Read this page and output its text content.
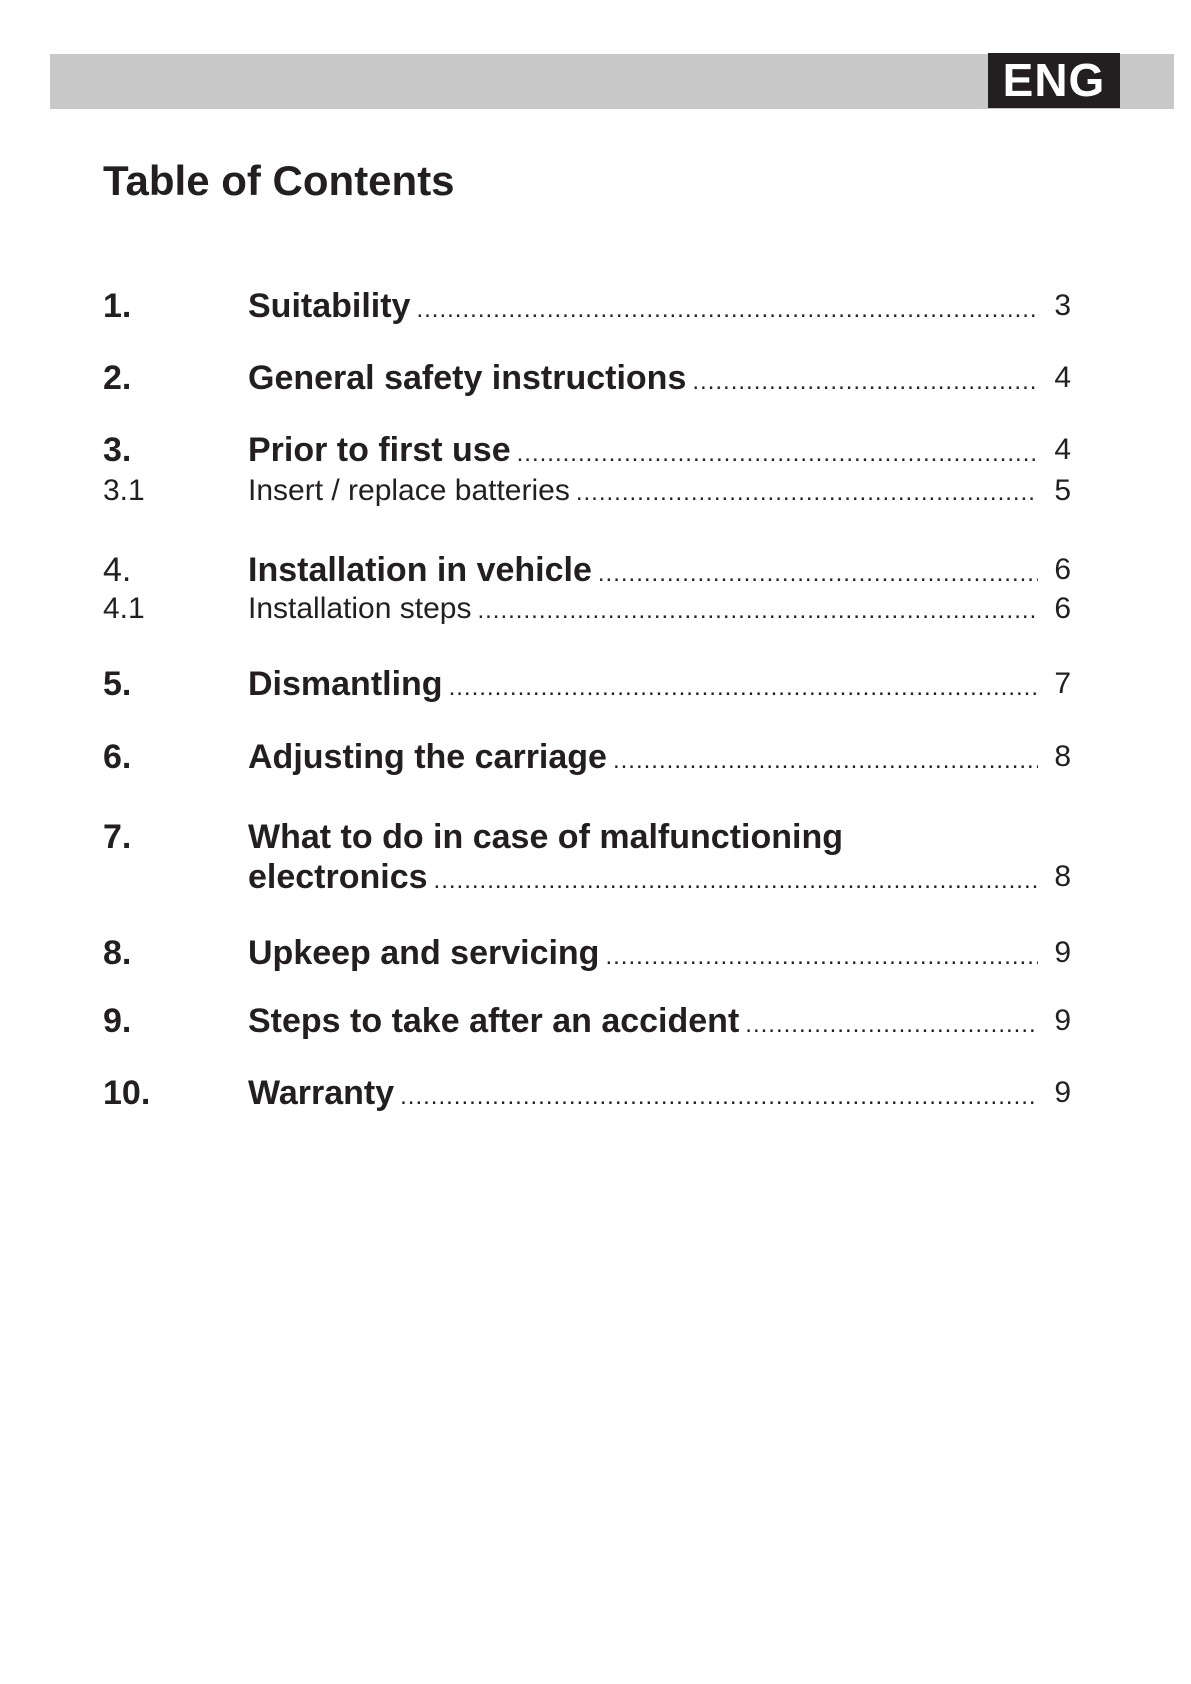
ENG
Table of Contents
1.	Suitability .....	3
2.	General safety instructions .....	4
3.	Prior to first use .....	4
3.1	Insert / replace batteries .....	5
4.	Installation in vehicle .....	6
4.1	Installation steps .....	6
5.	Dismantling .....	7
6.	Adjusting the carriage .....	8
7.	What to do in case of malfunctioning
electronics .....	8
8.	Upkeep and servicing .....	9
9.	Steps to take after an accident .....	9
10.	Warranty .....	9
